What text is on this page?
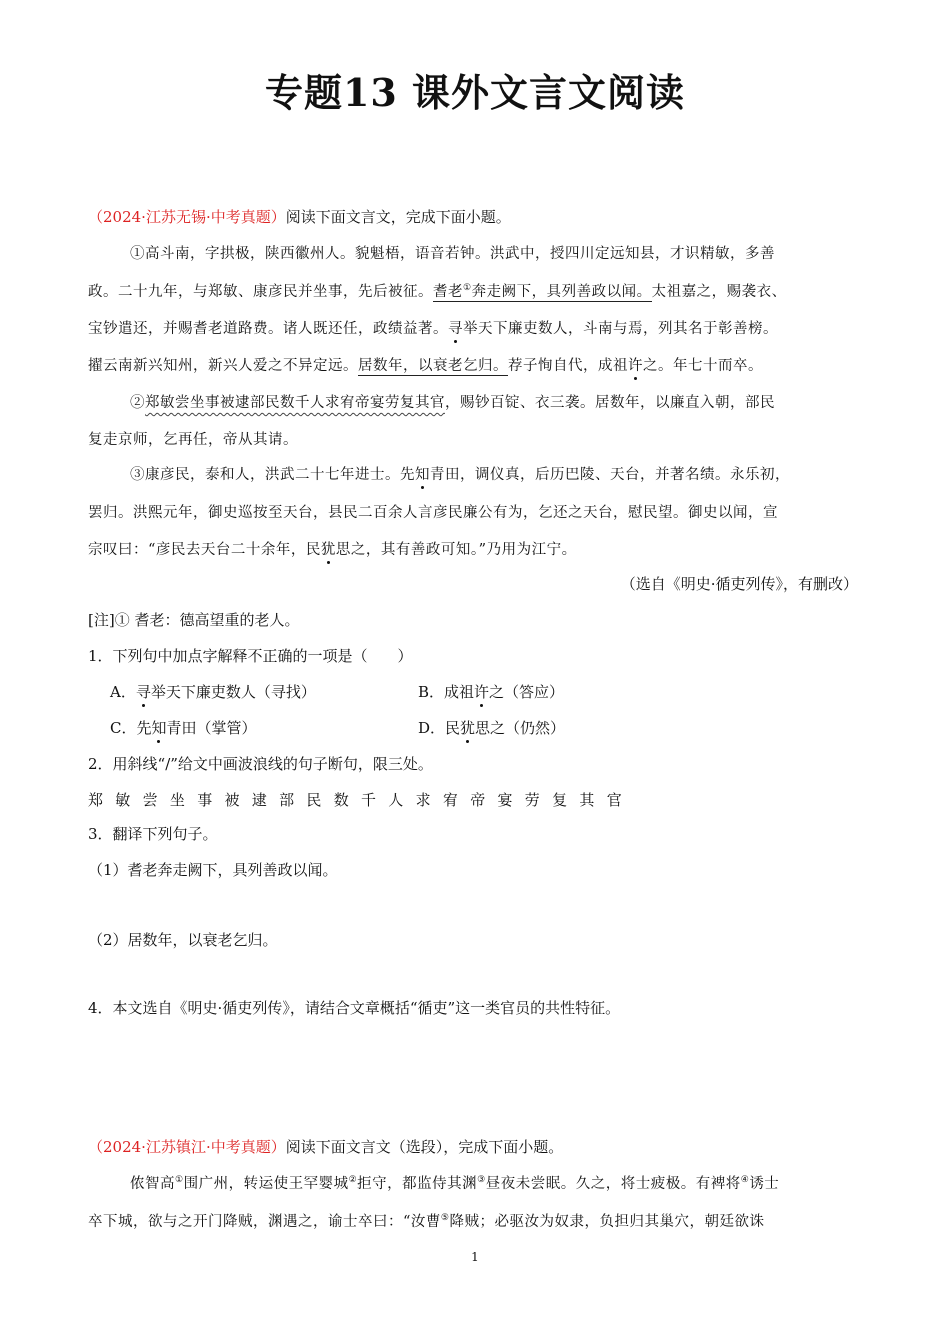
专题13 课外文言文阅读
（2024·江苏无锡·中考真题）阅读下面文言文，完成下面小题。
①高斗南，字拱极，陕西徽州人。貌魁梧，语音若钟。洪武中，授四川定远知县，才识精敏，多善
政。二十九年，与郑敏、康彦民并坐事，先后被征。耆老①奔走阙下，具列善政以闻。太祖嘉之，赐袭衣、
宝钞遣还，并赐耆老道路费。诸人既还任，政绩益著。寻举天下廉吏数人，斗南与焉，列其名于彰善榜。
擢云南新兴知州，新兴人爱之不异定远。居数年，以衰老乞归。荐子恂自代，成祖许之。年七十而卒。
②郑敏尝坐事被逮部民数千人求宥帝宴劳复其官，赐钞百锭、衣三袭。居数年，以廉直入朝，部民
复走京师，乞再任，帝从其请。
③康彦民，泰和人，洪武二十七年进士。先知青田，调仪真，后历巴陵、天台，并著名绩。永乐初，
罢归。洪熙元年，御史巡按至天台，县民二百余人言彦民廉公有为，乞还之天台，慰民望。御史以闻，宣
宗叹曰：“彦民去天台二十余年，民犹思之，其有善政可知。”乃用为江宁。
（选自《明史·循吏列传》，有删改）
[注]① 耆老：德高望重的老人。
1．下列句中加点字解释不正确的一项是（　　）
A．寻举天下廉吏数人（寻找）	B．成祖许之（答应）
C．先知青田（掌管）	D．民犹思之（仍然）
2．用斜线“/”给文中画波浪线的句子断句，限三处。
郑敏尝坐事被逮部民数千人求宥帝宴劳复其官
3．翻译下列句子。
（1）耆老奔走阙下，具列善政以闻。
（2）居数年，以衰老乞归。
4．本文选自《明史·循吏列传》，请结合文章概括“循吏”这一类官员的共性特征。
（2024·江苏镇江·中考真题）阅读下面文言文（选段），完成下面小题。
侬智高①围广州，转运使王罕婴城②拒守，都监侍其渊③昼夜未尝眠。久之，将士疲极。有裨将④诱士
卒下城，欲与之开门降贼，渊遇之，谕士卒曰：“汝曹⑤降贼；必驱汝为奴隶，负担归其巢穴，朝廷欲诛
1
